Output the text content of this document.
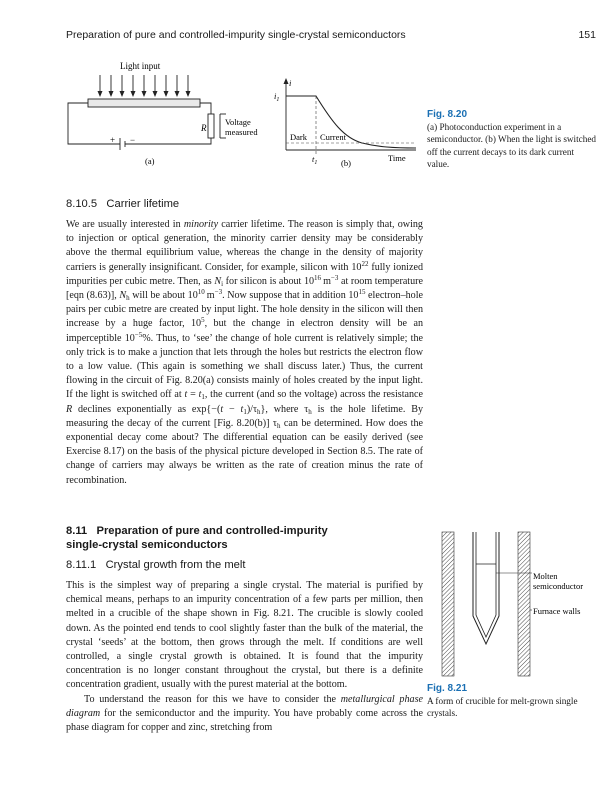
Preparation of pure and controlled-impurity single-crystal semiconductors	151
Light input
R
Voltage
measured
+ −
(a)
i
$i_1$
Dark Current
$t_1$	Time
(b)
Fig. 8.20
(a) Photoconduction experiment in a semiconductor. (b) When the light is switched off the current decays to its dark current value.
8.10.5   Carrier lifetime

We are usually interested in minority carrier lifetime. The reason is simply that, owing to injection or optical generation, the minority carrier density may be considerably above the thermal equilibrium value, whereas the change in the density of majority carriers is generally insignificant. Consider, for example, silicon with $10^{22}$ fully ionized impurities per cubic metre. Then, as $N_i$ for silicon is about $10^{16}$ $m^{-3}$ at room temperature [eqn (8.63)], $N_h$ will be about $10^{10}$ $m^{-3}$. Now suppose that in addition $10^{15}$ electron–hole pairs per cubic metre are created by input light. The hole density in the silicon will then increase by a huge factor, $10^5$, but the change in electron density will be an imperceptible $10^{-5}\%$. Thus, to ‘see’ the change of hole current is relatively simple; the only trick is to make a junction that lets through the holes but restricts the electron flow to a low value. (This again is something we shall discuss later.) Thus, the current flowing in the circuit of Fig. 8.20(a) consists mainly of holes created by the input light. If the light is switched off at $t = t_1$, the current (and so the voltage) across the resistance R declines exponentially as $\exp\{-(t - t_1)/\tau_h\}$, where $\tau_h$ is the hole lifetime. By measuring the decay of the current [Fig. 8.20(b)] $\tau_h$ can be determined. How does the exponential decay come about? The differential equation can be easily derived (see Exercise 8.17) on the basis of the physical picture developed in Section 8.5. The rate of change of carriers may always be written as the rate of creation minus the rate of recombination.

8.11   Preparation of pure and controlled-impurity
single-crystal semiconductors
8.11.1   Crystal growth from the melt

This is the simplest way of preparing a single crystal. The material is purified by chemical means, perhaps to an impurity concentration of a few parts per million, then melted in a crucible of the shape shown in Fig. 8.21. The crucible is slowly cooled down. As the pointed end tends to cool slightly faster than the bulk of the material, the crystal ‘seeds’ at the bottom, then grows through the melt. If conditions are well controlled, a single crystal growth is obtained. It is found that the impurity concentration is no longer constant throughout the crystal, but there is a definite concentration gradient, usually with the purest material at the bottom.

To understand the reason for this we have to consider the metallurgical phase diagram for the semiconductor and the impurity. You have probably come across the phase diagram for copper and zinc, stretching from

Molten
semiconductor
Furnace walls
Fig. 8.21
A form of crucible for melt-grown single crystals.
